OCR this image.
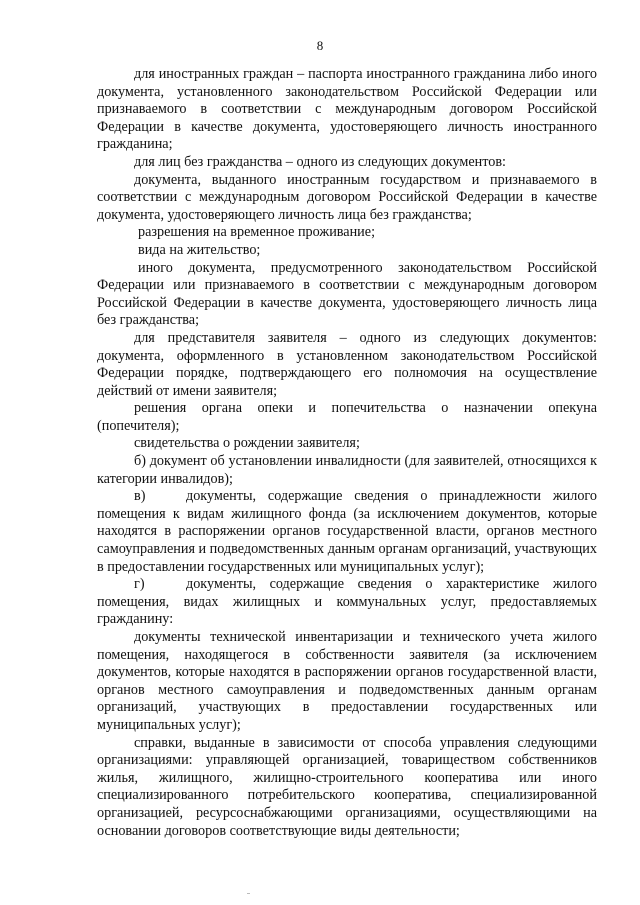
8

для иностранных граждан – паспорта иностранного гражданина либо иного документа, установленного законодательством Российской Федерации или признаваемого в соответствии с международным договором Российской Федерации в качестве документа, удостоверяющего личность иностранного гражданина;

для лиц без гражданства – одного из следующих документов:

документа, выданного иностранным государством и признаваемого в соответствии с международным договором Российской Федерации в качестве документа, удостоверяющего личность лица без гражданства;

разрешения на временное проживание;

вида на жительство;

иного документа, предусмотренного законодательством Российской Федерации или признаваемого в соответствии с международным договором Российской Федерации в качестве документа, удостоверяющего личность лица без гражданства;

для представителя заявителя – одного из следующих документов: документа, оформленного в установленном законодательством Российской Федерации порядке, подтверждающего его полномочия на осуществление действий от имени заявителя;

решения органа опеки и попечительства о назначении опекуна (попечителя);

свидетельства о рождении заявителя;

б) документ об установлении инвалидности (для заявителей, относящихся к категории инвалидов);

в)	документы, содержащие сведения о принадлежности жилого помещения к видам жилищного фонда (за исключением документов, которые находятся в распоряжении органов государственной власти, органов местного самоуправления и подведомственных данным органам организаций, участвующих в предоставлении государственных или муниципальных услуг);

г)	документы, содержащие сведения о характеристике жилого помещения, видах жилищных и коммунальных услуг, предоставляемых гражданину:

документы технической инвентаризации и технического учета жилого помещения, находящегося в собственности заявителя (за исключением документов, которые находятся в распоряжении органов государственной власти, органов местного самоуправления и подведомственных данным органам организаций, участвующих в предоставлении государственных или муниципальных услуг);

справки, выданные в зависимости от способа управления следующими организациями: управляющей организацией, товариществом собственников жилья, жилищного, жилищно-строительного кооператива или иного специализированного потребительского кооператива, специализированной организацией, ресурсоснабжающими организациями, осуществляющими на основании договоров соответствующие виды деятельности;
